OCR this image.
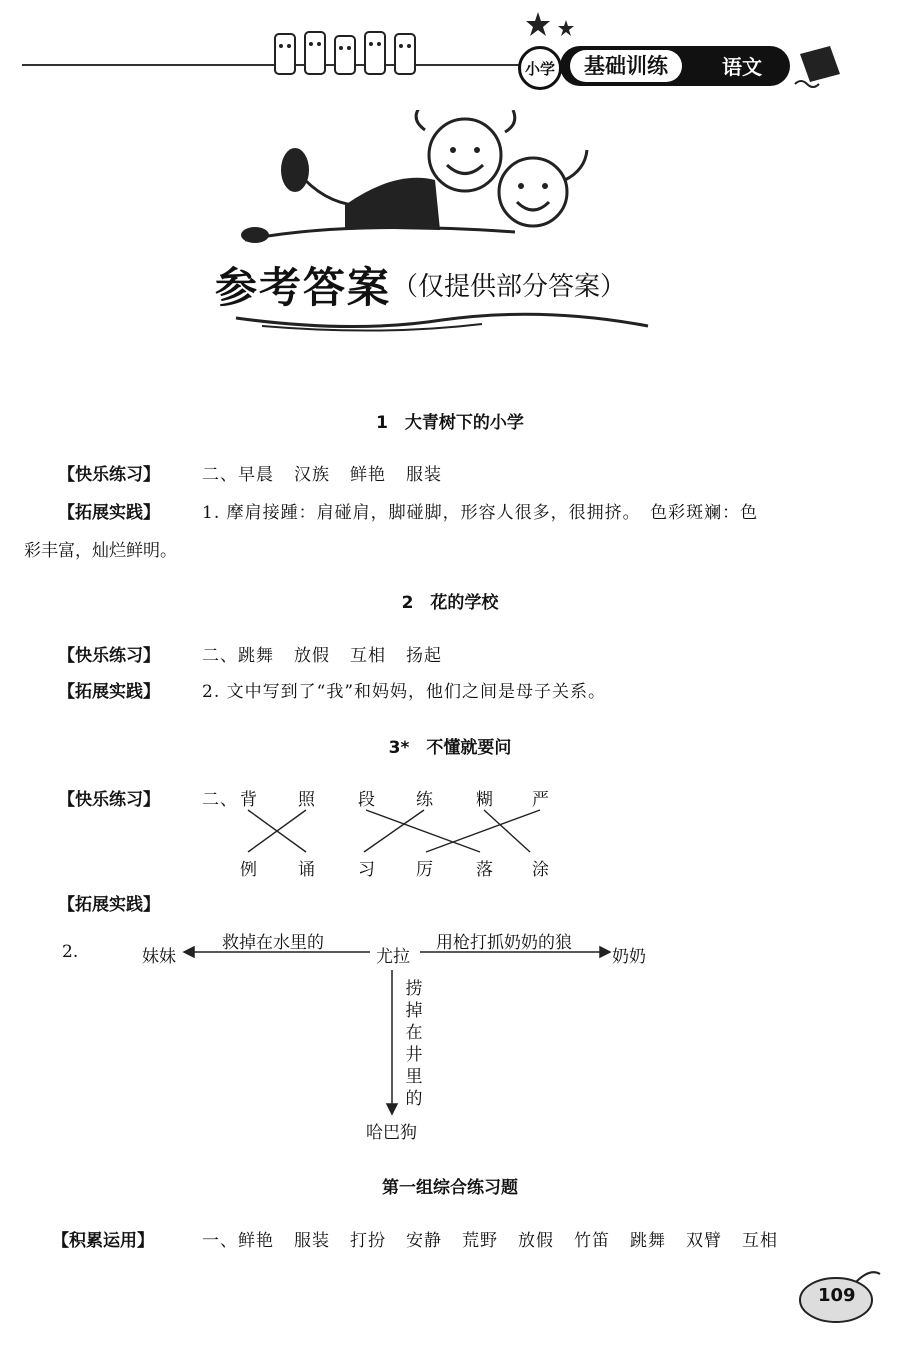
小学	基础训练	语文
参考答案 （仅提供部分答案）
1　大青树下的小学
【快乐练习】 二、早晨 汉族 鲜艳 服装
【拓展实践】 1. 摩肩接踵：肩碰肩，脚碰脚，形容人很多，很拥挤。　色彩斑斓：色
彩丰富，灿烂鲜明。
2　花的学校
【快乐练习】 二、跳舞 放假 互相 扬起
【拓展实践】 2. 文中写到了“我”和妈妈，他们之间是母子关系。
3*　不懂就要问
【快乐练习】 二、 背 照	段 练	糊 严
例 诵	习 厉	落 涂
【拓展实践】
2.	妹妹
救掉在水里的
尤拉
用枪打抓奶奶的狼
奶奶
捞掉在井里的
哈巴狗
第一组综合练习题
【积累运用】	一、鲜艳 服装 打扮 安静 荒野 放假 竹笛 跳舞 双臂 互相
109
